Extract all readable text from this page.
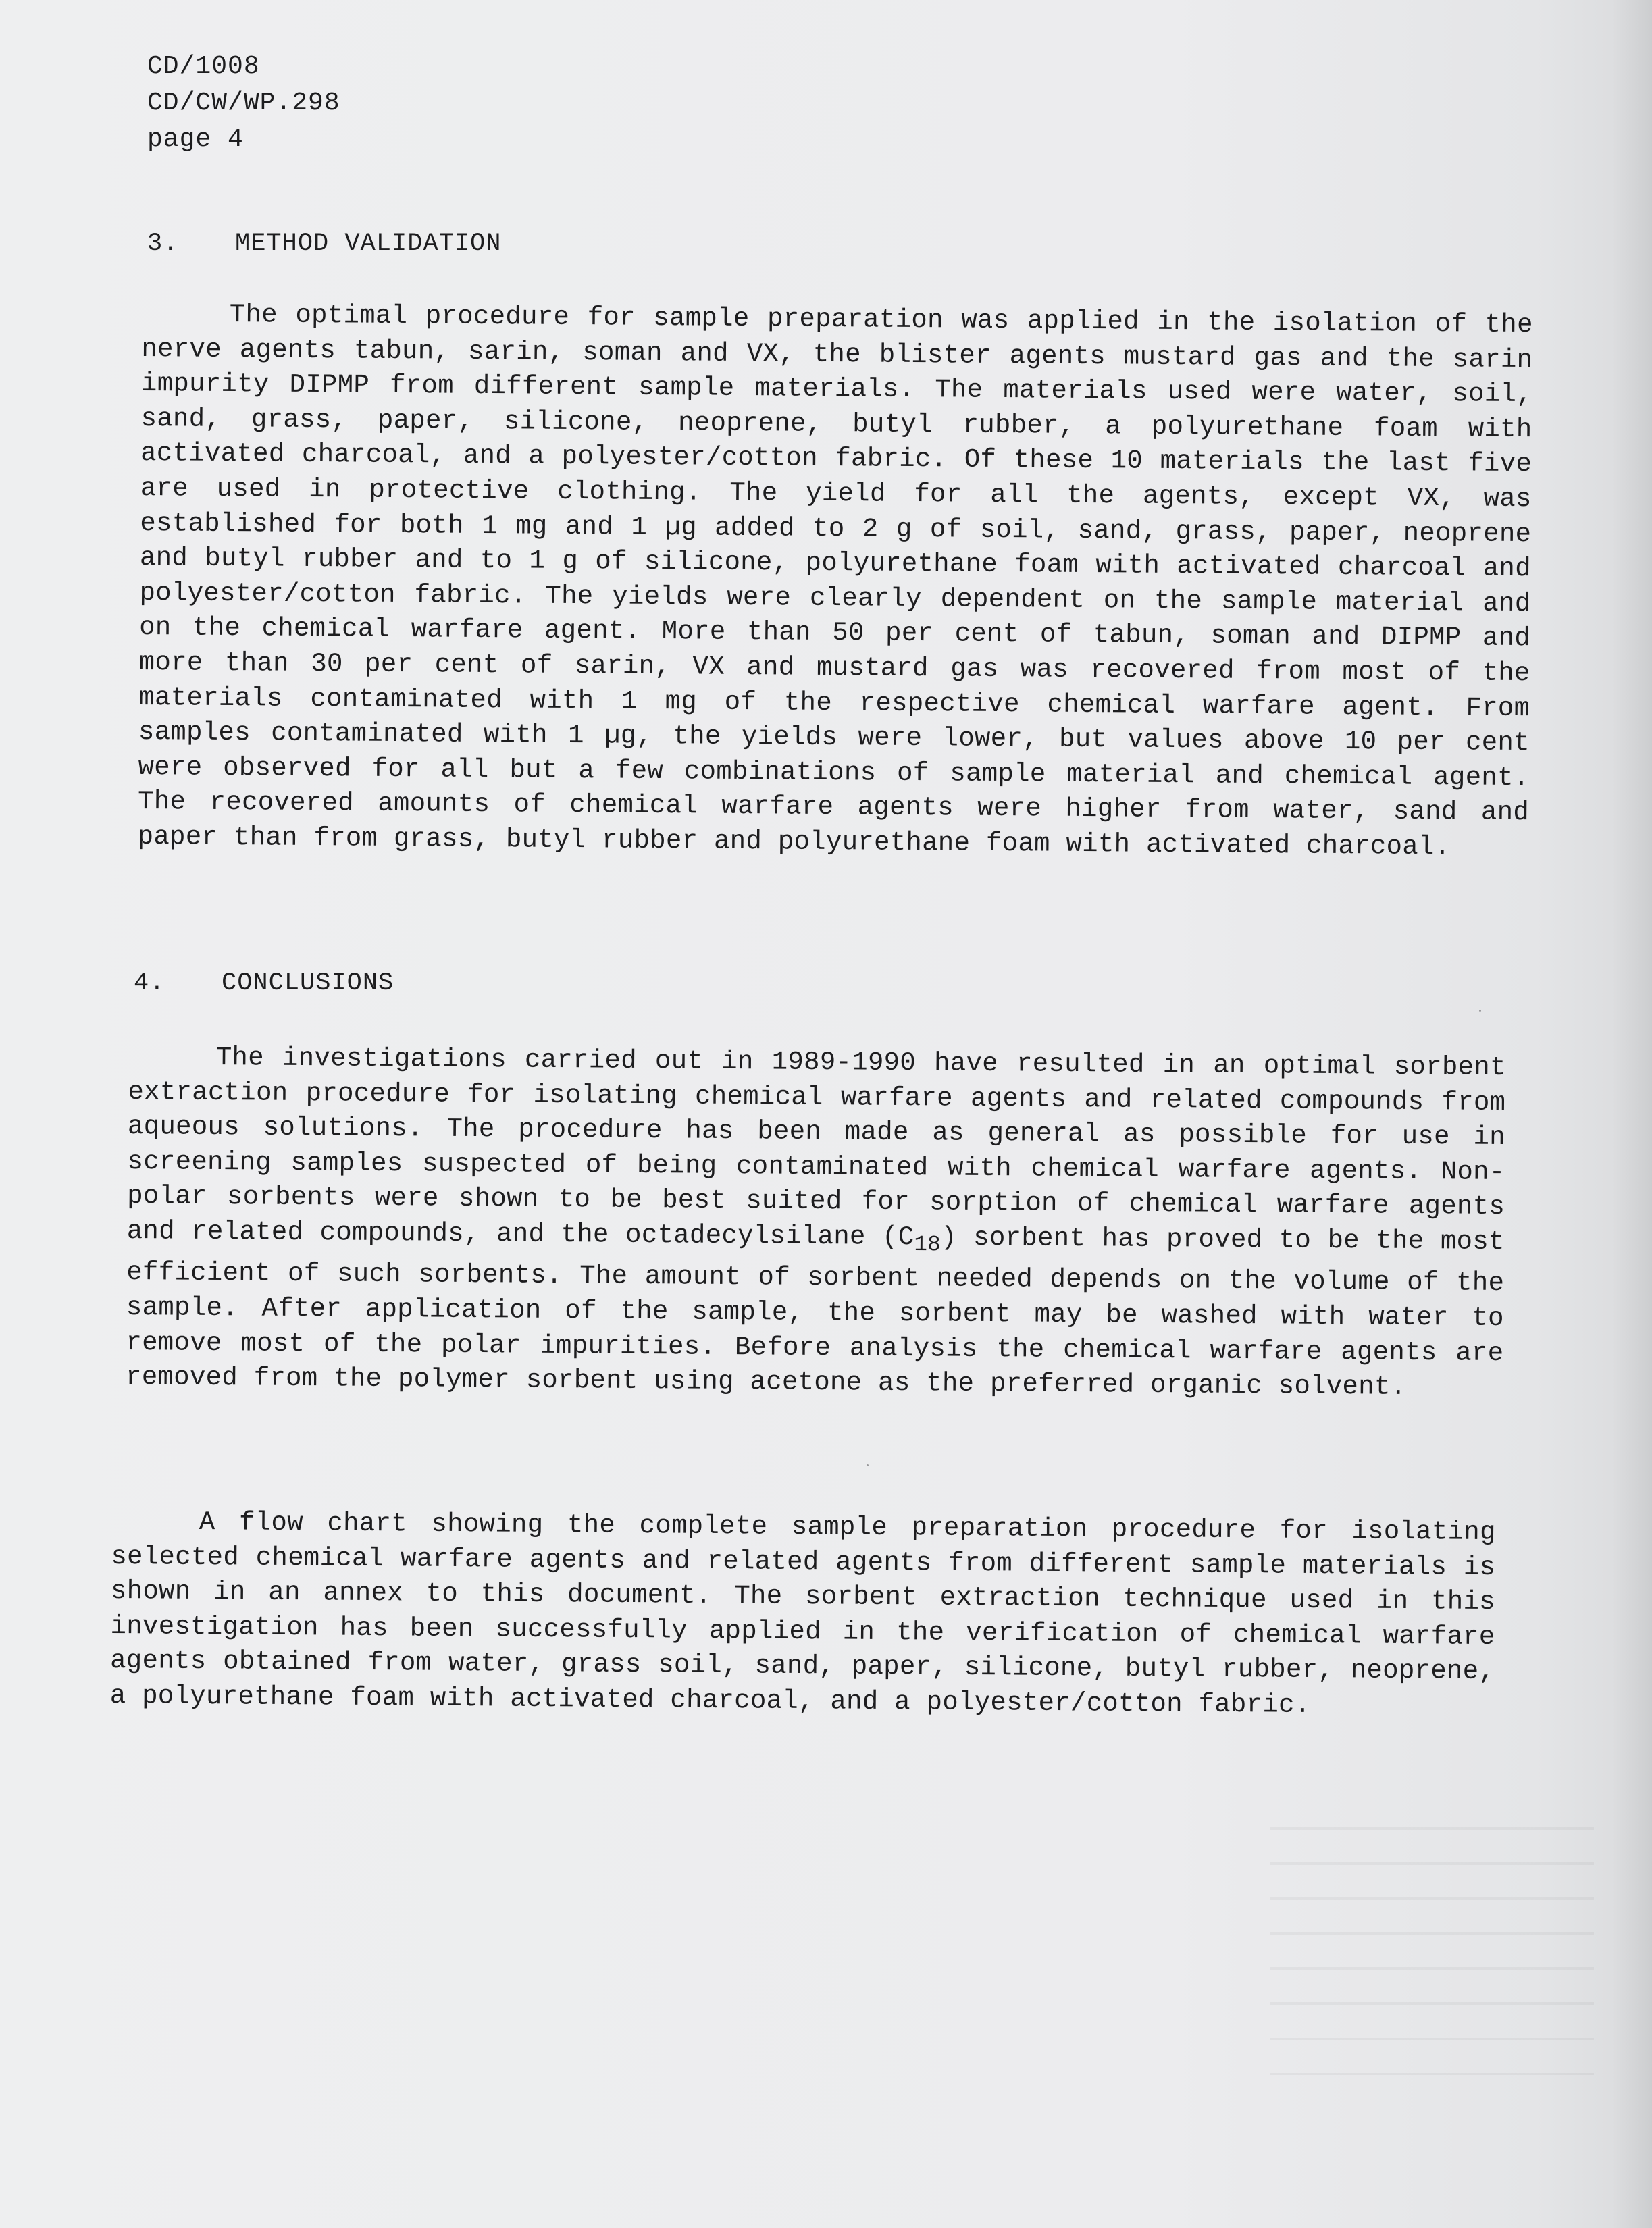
CD/1008
CD/CW/WP.298
page 4
3. METHOD VALIDATION

The optimal procedure for sample preparation was applied in the isolation of the nerve agents tabun, sarin, soman and VX, the blister agents mustard gas and the sarin impurity DIPMP from different sample materials. The materials used were water, soil, sand, grass, paper, silicone, neoprene, butyl rubber, a polyurethane foam with activated charcoal, and a polyester/cotton fabric. Of these 10 materials the last five are used in protective clothing. The yield for all the agents, except VX, was established for both 1 mg and 1 µg added to 2 g of soil, sand, grass, paper, neoprene and butyl rubber and to 1 g of silicone, polyurethane foam with activated charcoal and polyester/cotton fabric. The yields were clearly dependent on the sample material and on the chemical warfare agent. More than 50 per cent of tabun, soman and DIPMP and more than 30 per cent of sarin, VX and mustard gas was recovered from most of the materials contaminated with 1 mg of the respective chemical warfare agent. From samples contaminated with 1 µg, the yields were lower, but values above 10 per cent were observed for all but a few combinations of sample material and chemical agent. The recovered amounts of chemical warfare agents were higher from water, sand and paper than from grass, butyl rubber and polyurethane foam with activated charcoal.

4. CONCLUSIONS

The investigations carried out in 1989-1990 have resulted in an optimal sorbent extraction procedure for isolating chemical warfare agents and related compounds from aqueous solutions. The procedure has been made as general as possible for use in screening samples suspected of being contaminated with chemical warfare agents. Non-polar sorbents were shown to be best suited for sorption of chemical warfare agents and related compounds, and the octadecylsilane $(C_{18})$ sorbent has proved to be the most efficient of such sorbents. The amount of sorbent needed depends on the volume of the sample. After application of the sample, the sorbent may be washed with water to remove most of the polar impurities. Before analysis the chemical warfare agents are removed from the polymer sorbent using acetone as the preferred organic solvent.

A flow chart showing the complete sample preparation procedure for isolating selected chemical warfare agents and related agents from different sample materials is shown in an annex to this document. The sorbent extraction technique used in this investigation has been successfully applied in the verification of chemical warfare agents obtained from water, grass soil, sand, paper, silicone, butyl rubber, neoprene, a polyurethane foam with activated charcoal, and a polyester/cotton fabric.
